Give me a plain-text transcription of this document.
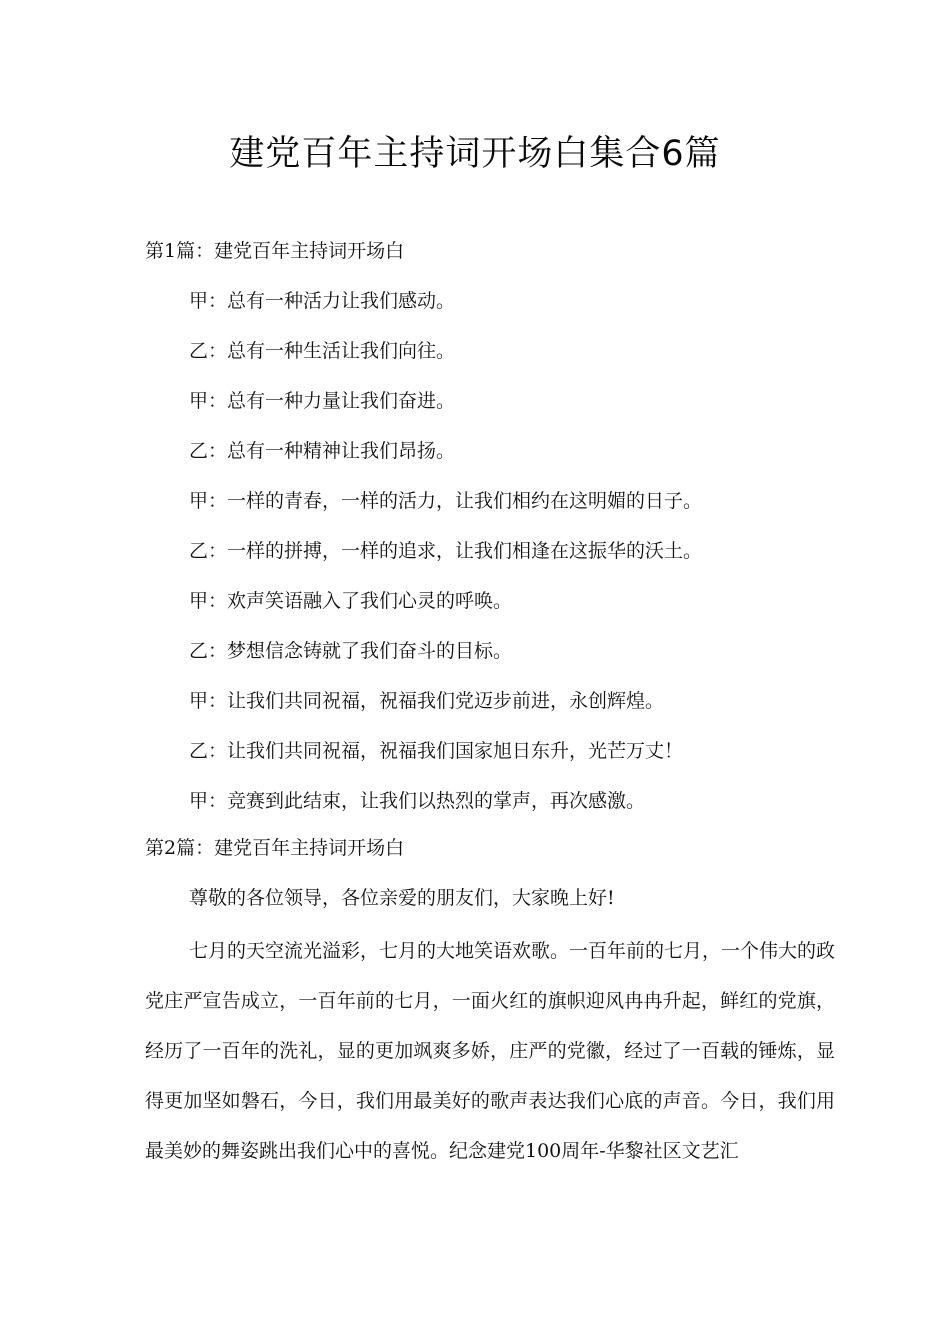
建党百年主持词开场白集合6篇
第1篇：建党百年主持词开场白
甲：总有一种活力让我们感动。
乙：总有一种生活让我们向往。
甲：总有一种力量让我们奋进。
乙：总有一种精神让我们昂扬。
甲：一样的青春，一样的活力，让我们相约在这明媚的日子。
乙：一样的拼搏，一样的追求，让我们相逢在这振华的沃土。
甲：欢声笑语融入了我们心灵的呼唤。
乙：梦想信念铸就了我们奋斗的目标。
甲：让我们共同祝福，祝福我们党迈步前进，永创辉煌。
乙：让我们共同祝福，祝福我们国家旭日东升，光芒万丈！
甲：竞赛到此结束，让我们以热烈的掌声，再次感激。
第2篇：建党百年主持词开场白
尊敬的各位领导，各位亲爱的朋友们，大家晚上好!
七月的天空流光溢彩，七月的大地笑语欢歌。一百年前的七月，一个伟大的政党庄严宣告成立，一百年前的七月，一面火红的旗帜迎风冉冉升起，鲜红的党旗，经历了一百年的洗礼，显的更加飒爽多娇，庄严的党徽，经过了一百载的锤炼，显得更加坚如磐石，今日，我们用最美好的歌声表达我们心底的声音。今日，我们用最美妙的舞姿跳出我们心中的喜悦。纪念建党100周年-华黎社区文艺汇
